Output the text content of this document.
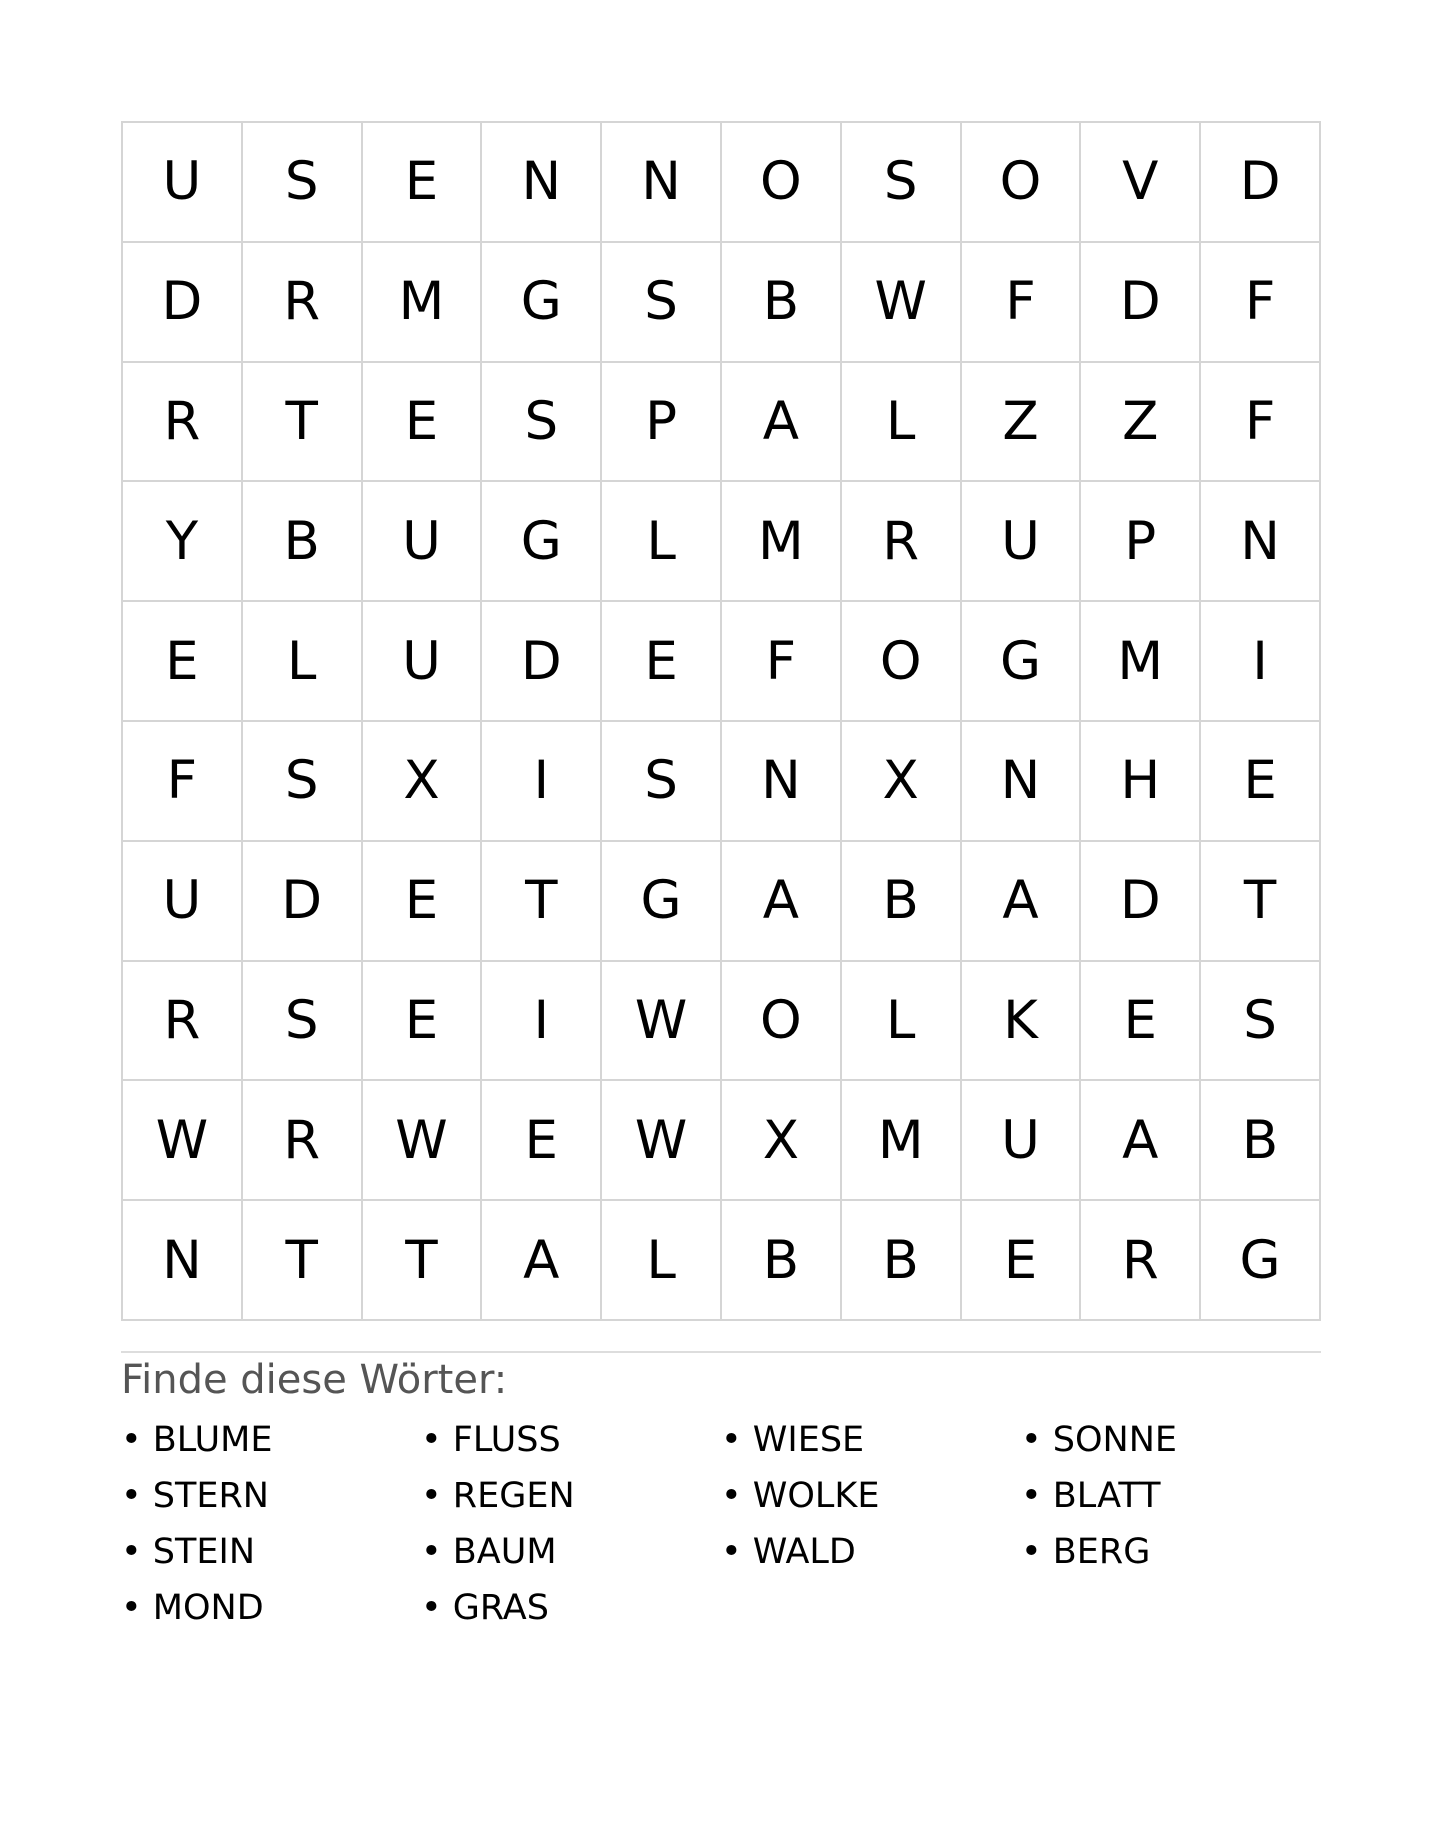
U	S	E	N	N	O	S	O	V	D
D	R	M	G	S	B	W	F	D	F
R	T	E	S	P	A	L	Z	Z	F
Y	B	U	G	L	M	R	U	P	N
E	L	U	D	E	F	O	G	M	I
F	S	X	I	S	N	X	N	H	E
U	D	E	T	G	A	B	A	D	T
R	S	E	I	W	O	L	K	E	S
W	R	W	E	W	X	M	U	A	B
N	T	T	A	L	B	B	E	R	G
Finde diese Wörter:
• BLUME	• FLUSS	• WIESE	• SONNE
• STERN	• REGEN	• WOLKE	• BLATT
• STEIN	• BAUM	• WALD	• BERG
• MOND	• GRAS
